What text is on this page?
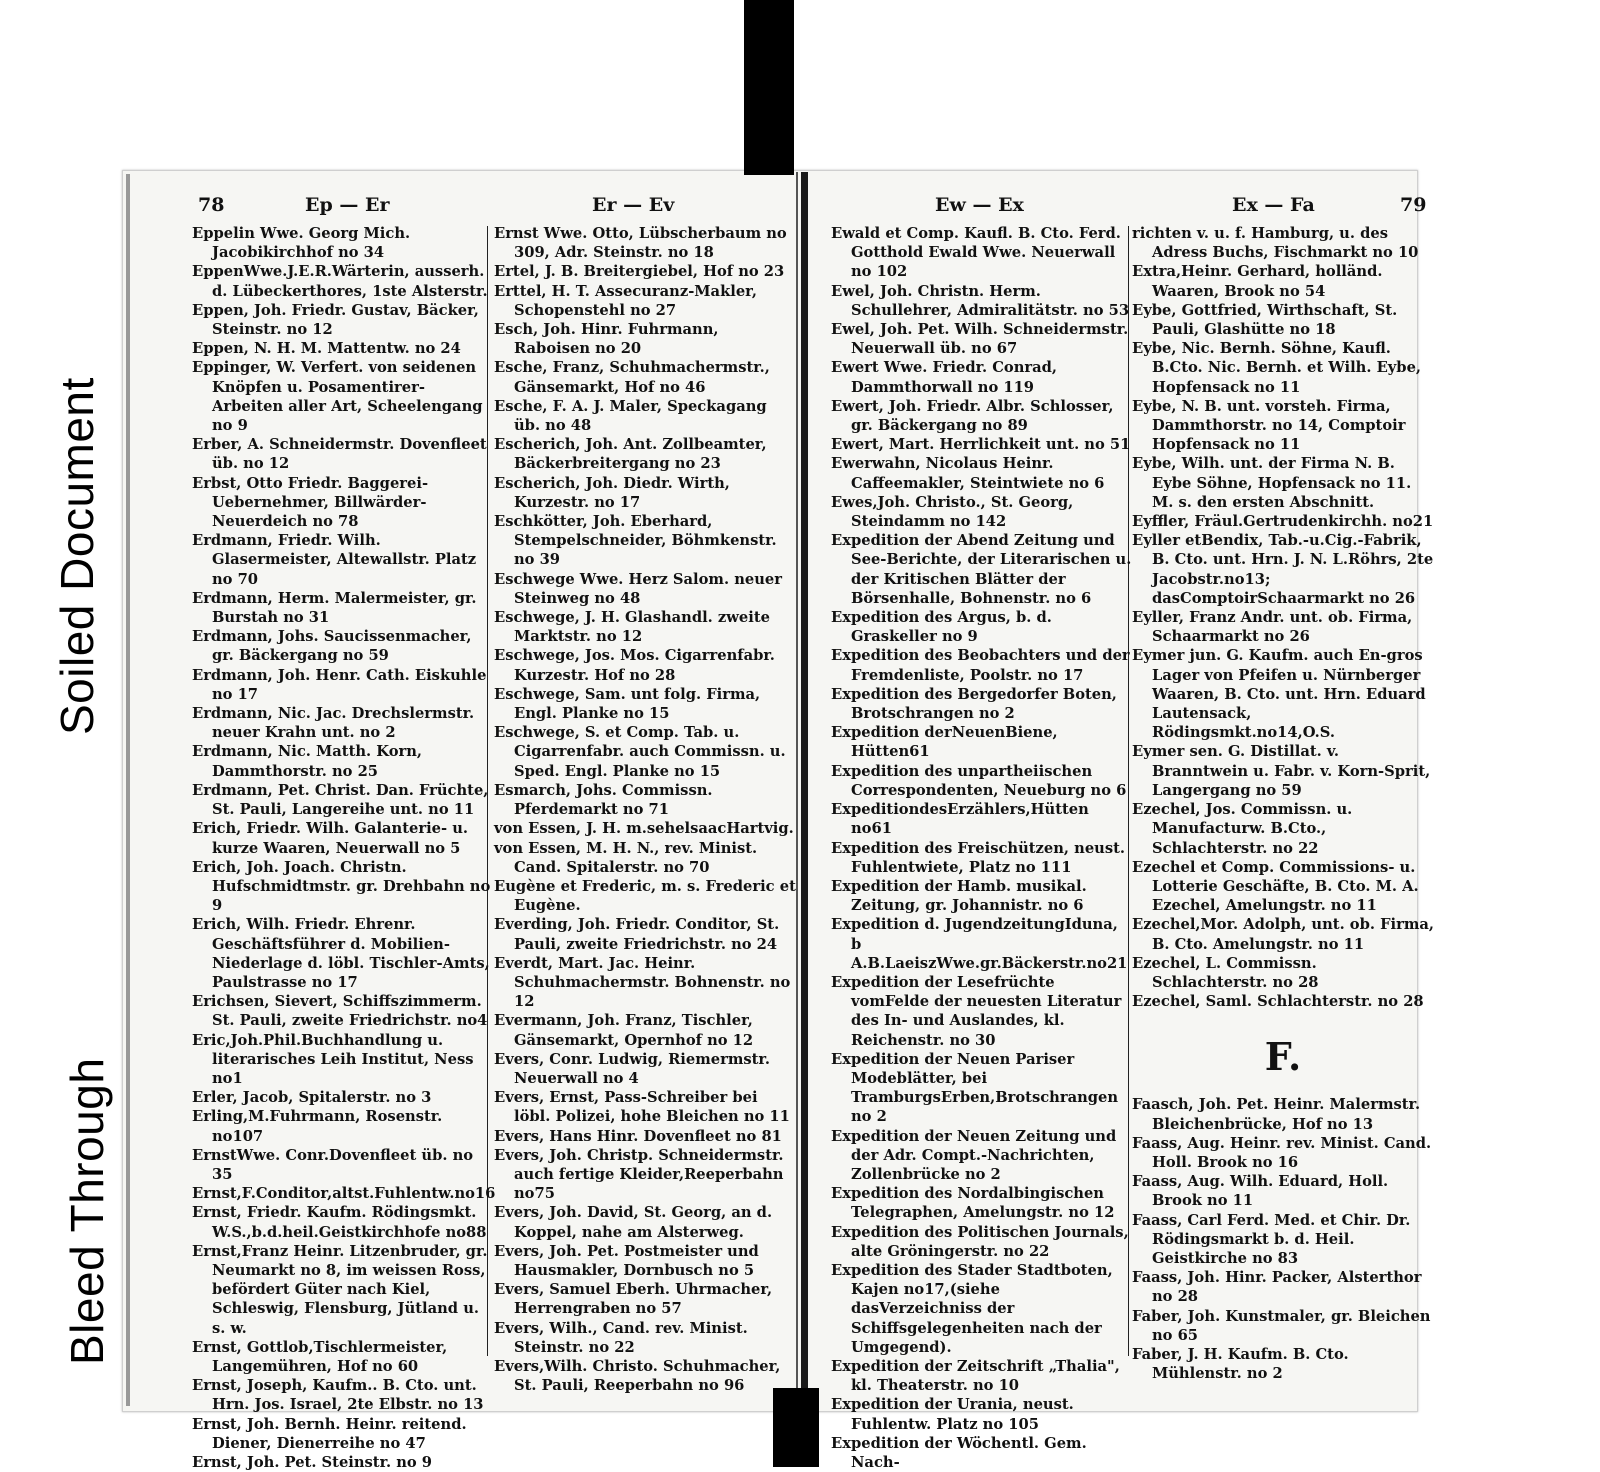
Soiled Document
Bleed Through
78	Ep — Er	Er — Ev	Ew — Ex	Ex — Fa	79
Eppelin Wwe. Georg Mich. Jacobikirchhof no 34
EppenWwe.J.E.R.Wärterin, ausserh. d. Lübeckerthores, 1ste Alsterstr.
Eppen, Joh. Friedr. Gustav, Bäcker, Steinstr. no 12
Eppen, N. H. M. Mattentw. no 24
Eppinger, W. Verfert. von seidenen Knöpfen u. Posamentirer-Arbeiten aller Art, Scheelengang no 9
Erber, A. Schneidermstr. Dovenfleet üb. no 12
Erbst, Otto Friedr. Baggerei-Uebernehmer, Billwärder-Neuerdeich no 78
Erdmann, Friedr. Wilh. Glasermeister, Altewallstr. Platz no 70
Erdmann, Herm. Malermeister, gr. Burstah no 31
Erdmann, Johs. Saucissenmacher, gr. Bäckergang no 59
Erdmann, Joh. Henr. Cath. Eiskuhle no 17
Erdmann, Nic. Jac. Drechslermstr. neuer Krahn unt. no 2
Erdmann, Nic. Matth. Korn, Dammthorstr. no 25
Erdmann, Pet. Christ. Dan. Früchte, St. Pauli, Langereihe unt. no 11
Erich, Friedr. Wilh. Galanterie- u. kurze Waaren, Neuerwall no 5
Erich, Joh. Joach. Christn. Hufschmidtmstr. gr. Drehbahn no 9
Erich, Wilh. Friedr. Ehrenr. Geschäftsführer d. Mobilien-Niederlage d. löbl. Tischler-Amts, Paulstrasse no 17
Erichsen, Sievert, Schiffszimmerm. St. Pauli, zweite Friedrichstr. no4
Eric,Joh.Phil.Buchhandlung u. literarisches Leih Institut, Ness no1
Erler, Jacob, Spitalerstr. no 3
Erling,M.Fuhrmann, Rosenstr. no107
ErnstWwe. Conr.Dovenfleet üb. no 35
Ernst,F.Conditor,altst.Fuhlentw.no16
Ernst, Friedr. Kaufm. Rödingsmkt. W.S.,b.d.heil.Geistkirchhofe no88
Ernst,Franz Heinr. Litzenbruder, gr. Neumarkt no 8, im weissen Ross, befördert Güter nach Kiel, Schleswig, Flensburg, Jütland u. s. w.
Ernst, Gottlob,Tischlermeister, Langemühren, Hof no 60
Ernst, Joseph, Kaufm.. B. Cto. unt. Hrn. Jos. Israel, 2te Elbstr. no 13
Ernst, Joh. Bernh. Heinr. reitend. Diener, Dienerreihe no 47
Ernst, Joh. Pet. Steinstr. no 9
Ernst Wwe. Otto, Lübscherbaum no 309, Adr. Steinstr. no 18
Ertel, J. B. Breitergiebel, Hof no 23
Erttel, H. T. Assecuranz-Makler, Schopenstehl no 27
Esch, Joh. Hinr. Fuhrmann, Raboisen no 20
Esche, Franz, Schuhmachermstr., Gänsemarkt, Hof no 46
Esche, F. A. J. Maler, Speckagang üb. no 48
Escherich, Joh. Ant. Zollbeamter, Bäckerbreitergang no 23
Escherich, Joh. Diedr. Wirth, Kurzestr. no 17
Eschkötter, Joh. Eberhard, Stempelschneider, Böhmkenstr. no 39
Eschwege Wwe. Herz Salom. neuer Steinweg no 48
Eschwege, J. H. Glashandl. zweite Marktstr. no 12
Eschwege, Jos. Mos. Cigarrenfabr. Kurzestr. Hof no 28
Eschwege, Sam. unt folg. Firma, Engl. Planke no 15
Eschwege, S. et Comp. Tab. u. Cigarrenfabr. auch Commissn. u. Sped. Engl. Planke no 15
Esmarch, Johs. Commissn. Pferdemarkt no 71
von Essen, J. H. m.sehelsaacHartvig.
von Essen, M. H. N., rev. Minist. Cand. Spitalerstr. no 70
Eugène et Frederic, m. s. Frederic et Eugène.
Everding, Joh. Friedr. Conditor, St. Pauli, zweite Friedrichstr. no 24
Everdt, Mart. Jac. Heinr. Schuhmachermstr. Bohnenstr. no 12
Evermann, Joh. Franz, Tischler, Gänsemarkt, Opernhof no 12
Evers, Conr. Ludwig, Riemermstr. Neuerwall no 4
Evers, Ernst, Pass-Schreiber bei löbl. Polizei, hohe Bleichen no 11
Evers, Hans Hinr. Dovenfleet no 81
Evers, Joh. Christp. Schneidermstr. auch fertige Kleider,Reeperbahn no75
Evers, Joh. David, St. Georg, an d. Koppel, nahe am Alsterweg.
Evers, Joh. Pet. Postmeister und Hausmakler, Dornbusch no 5
Evers, Samuel Eberh. Uhrmacher, Herrengraben no 57
Evers, Wilh., Cand. rev. Minist. Steinstr. no 22
Evers,Wilh. Christo. Schuhmacher, St. Pauli, Reeperbahn no 96
Ewald et Comp. Kaufl. B. Cto. Ferd. Gotthold Ewald Wwe. Neuerwall no 102
Ewel, Joh. Christn. Herm. Schullehrer, Admiralitätstr. no 53
Ewel, Joh. Pet. Wilh. Schneidermstr. Neuerwall üb. no 67
Ewert Wwe. Friedr. Conrad, Dammthorwall no 119
Ewert, Joh. Friedr. Albr. Schlosser, gr. Bäckergang no 89
Ewert, Mart. Herrlichkeit unt. no 51
Ewerwahn, Nicolaus Heinr. Caffeemakler, Steintwiete no 6
Ewes,Joh. Christo., St. Georg, Steindamm no 142
Expedition der Abend Zeitung und See-Berichte, der Literarischen u. der Kritischen Blätter der Börsenhalle, Bohnenstr. no 6
Expedition des Argus, b. d. Graskeller no 9
Expedition des Beobachters und der Fremdenliste, Poolstr. no 17
Expedition des Bergedorfer Boten, Brotschrangen no 2
Expedition derNeuenBiene, Hütten61
Expedition des unpartheiischen Correspondenten, Neueburg no 6
ExpeditiondesErzählers,Hütten no61
Expedition des Freischützen, neust. Fuhlentwiete, Platz no 111
Expedition der Hamb. musikal. Zeitung, gr. Johannistr. no 6
Expedition d. JugendzeitungIduna, b A.B.LaeiszWwe.gr.Bäckerstr.no21
Expedition der Lesefrüchte vomFelde der neuesten Literatur des In- und Auslandes, kl. Reichenstr. no 30
Expedition der Neuen Pariser Modeblätter, bei TramburgsErben,Brotschrangen no 2
Expedition der Neuen Zeitung und der Adr. Compt.-Nachrichten, Zollenbrücke no 2
Expedition des Nordalbingischen Telegraphen, Amelungstr. no 12
Expedition des Politischen Journals, alte Gröningerstr. no 22
Expedition des Stader Stadtboten, Kajen no17,(siehe dasVerzeichniss der Schiffsgelegenheiten nach der Umgegend).
Expedition der Zeitschrift „Thalia", kl. Theaterstr. no 10
Expedition der Urania, neust. Fuhlentw. Platz no 105
Expedition der Wöchentl. Gem. Nach-
richten v. u. f. Hamburg, u. des Adress Buchs, Fischmarkt no 10
Extra,Heinr. Gerhard, holländ. Waaren, Brook no 54
Eybe, Gottfried, Wirthschaft, St. Pauli, Glashütte no 18
Eybe, Nic. Bernh. Söhne, Kaufl. B.Cto. Nic. Bernh. et Wilh. Eybe, Hopfensack no 11
Eybe, N. B. unt. vorsteh. Firma, Dammthorstr. no 14, Comptoir Hopfensack no 11
Eybe, Wilh. unt. der Firma N. B. Eybe Söhne, Hopfensack no 11. M. s. den ersten Abschnitt.
Eyffler, Fräul.Gertrudenkirchh. no21
Eyller etBendix, Tab.-u.Cig.-Fabrik, B. Cto. unt. Hrn. J. N. L.Röhrs, 2te Jacobstr.no13; dasComptoirSchaarmarkt no 26
Eyller, Franz Andr. unt. ob. Firma, Schaarmarkt no 26
Eymer jun. G. Kaufm. auch En-gros Lager von Pfeifen u. Nürnberger Waaren, B. Cto. unt. Hrn. Eduard Lautensack, Rödingsmkt.no14,O.S.
Eymer sen. G. Distillat. v. Branntwein u. Fabr. v. Korn-Sprit, Langergang no 59
Ezechel, Jos. Commissn. u. Manufacturw. B.Cto., Schlachterstr. no 22
Ezechel et Comp. Commissions- u. Lotterie Geschäfte, B. Cto. M. A. Ezechel, Amelungstr. no 11
Ezechel,Mor. Adolph, unt. ob. Firma, B. Cto. Amelungstr. no 11
Ezechel, L. Commissn. Schlachterstr. no 28
Ezechel, Saml. Schlachterstr. no 28
F.
Faasch, Joh. Pet. Heinr. Malermstr. Bleichenbrücke, Hof no 13
Faass, Aug. Heinr. rev. Minist. Cand. Holl. Brook no 16
Faass, Aug. Wilh. Eduard, Holl. Brook no 11
Faass, Carl Ferd. Med. et Chir. Dr. Rödingsmarkt b. d. Heil. Geistkirche no 83
Faass, Joh. Hinr. Packer, Alsterthor no 28
Faber, Joh. Kunstmaler, gr. Bleichen no 65
Faber, J. H. Kaufm. B. Cto. Mühlenstr. no 2
